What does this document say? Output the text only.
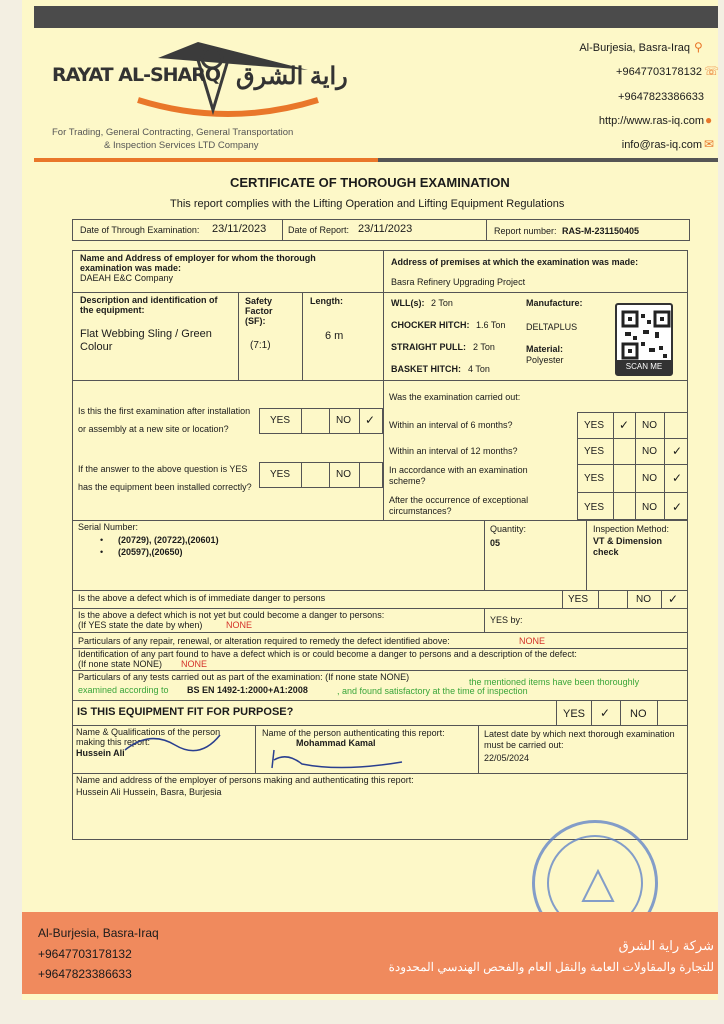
RAYAT AL-SHARQ راية الشرق
For Trading, General Contracting, General Transportation
& Inspection Services LTD Company
Al-Burjesia, Basra-Iraq ⚲
+9647703178132 ☏
+9647823386633
http://www.ras-iq.com ●
info@ras-iq.com ✉
CERTIFICATE OF THOROUGH EXAMINATION
This report complies with the Lifting Operation and Lifting Equipment Regulations
Date of Through Examination: 23/11/2023 Date of Report: 23/11/2023	Report number: RAS-M-231150405
Name and Address of employer for whom the thorough examination was made:
DAEAH E&C Company
Address of premises at which the examination was made:
Basra Refinery Upgrading Project
Description and identification of the equipment:
Flat Webbing Sling / Green Colour
Safety Factor (SF):
(7:1)
Length:
6 m
WLL(s): 2 Ton
CHOCKER HITCH: 1.6 Ton
STRAIGHT PULL: 2 Ton
BASKET HITCH: 4 Ton
Manufacture:
DELTAPLUS
Material:
Polyester
SCAN ME
Is this the first examination after installation or assembly at a new site or location?
YES	NO ✓
If the answer to the above question is YES has the equipment been installed correctly?
YES	NO
Was the examination carried out:
Within an interval of 6 months?	YES ✓ NO
Within an interval of 12 months?	YES	NO ✓
In accordance with an examination scheme?	YES	NO ✓
After the occurrence of exceptional circumstances?	YES	NO ✓
Serial Number:
• (20729), (20722),(20601)
• (20597),(20650)
Quantity:
05
Inspection Method:
VT & Dimension check
Is the above a defect which is of immediate danger to persons	YES	NO ✓
Is the above a defect which is not yet but could become a danger to persons:
(If YES state the date by when)	NONE	YES by:
Particulars of any repair, renewal, or alteration required to remedy the defect identified above:	NONE
Identification of any part found to have a defect which is or could become a danger to persons and a description of the defect:
(If none state NONE) NONE
Particulars of any tests carried out as part of the examination: (If none state NONE)	the mentioned items have been thoroughly
examined according to BS EN 1492-1:2000+A1:2008	, and found satisfactory at the time of inspection
IS THIS EQUIPMENT FIT FOR PURPOSE?	YES ✓ NO
Name & Qualifications of the person making this report:
Hussein Ali
Name of the person authenticating this report:
Mohammad Kamal
Latest date by which next thorough examination must be carried out:
22/05/2024
Name and address of the employer of persons making and authenticating this report:
Hussein Ali Hussein, Basra, Burjesia
Al-Burjesia, Basra-Iraq
+9647703178132
+9647823386633
شركة راية الشرق
للتجارة والمقاولات العامة والنقل العام والفحص الهندسي المحدودة
